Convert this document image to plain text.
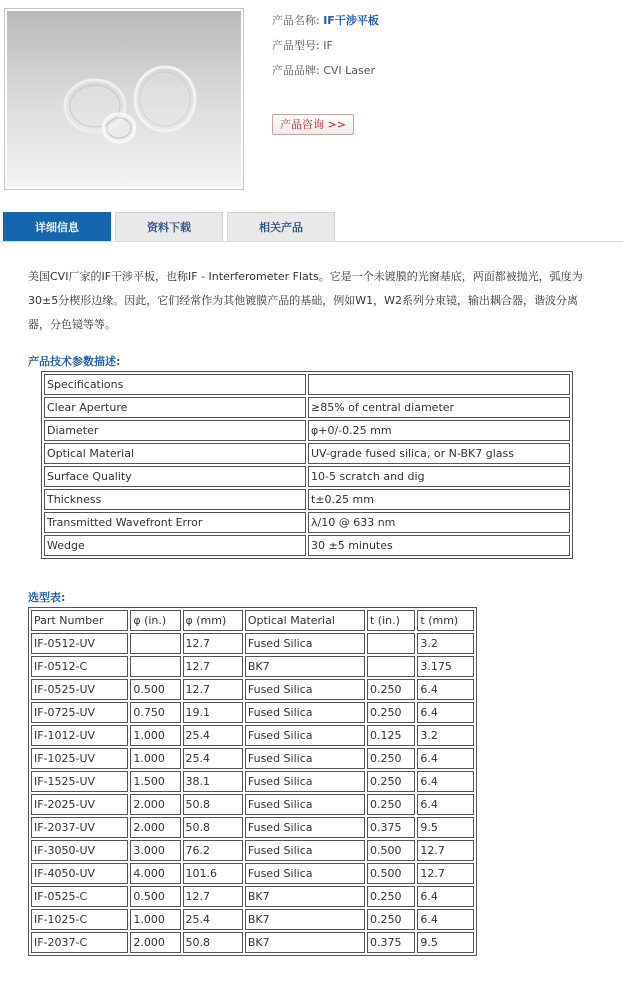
产品名称: IF干涉平板
产品型号: IF
产品品牌: CVI Laser
产品咨询 >>
详细信息	资料下载	相关产品
美国CVI厂家的IF干涉平板，也称IF - Interferometer Flats。它是一个未镀膜的光窗基底，两面都被抛光，弧度为30±5分楔形边缘。因此，它们经常作为其他镀膜产品的基础，例如W1，W2系列分束镜，输出耦合器，谐波分离器，分色镜等等。
产品技术参数描述:
Specifications	
Clear Aperture	≥85% of central diameter
Diameter	φ+0/-0.25 mm
Optical Material	UV-grade fused silica, or N-BK7 glass
Surface Quality	10-5 scratch and dig
Thickness	t±0.25 mm
Transmitted Wavefront Error	λ/10 @ 633 nm
Wedge	30 ±5 minutes
选型表:
Part Number	φ (in.)	φ (mm)	Optical Material	t (in.)	t (mm)
IF-0512-UV		12.7	Fused Silica		3.2
IF-0512-C		12.7	BK7		3.175
IF-0525-UV	0.500	12.7	Fused Silica	0.250	6.4
IF-0725-UV	0.750	19.1	Fused Silica	0.250	6.4
IF-1012-UV	1.000	25.4	Fused Silica	0.125	3.2
IF-1025-UV	1.000	25.4	Fused Silica	0.250	6.4
IF-1525-UV	1.500	38.1	Fused Silica	0.250	6.4
IF-2025-UV	2.000	50.8	Fused Silica	0.250	6.4
IF-2037-UV	2.000	50.8	Fused Silica	0.375	9.5
IF-3050-UV	3.000	76.2	Fused Silica	0.500	12.7
IF-4050-UV	4.000	101.6	Fused Silica	0.500	12.7
IF-0525-C	0.500	12.7	BK7	0.250	6.4
IF-1025-C	1.000	25.4	BK7	0.250	6.4
IF-2037-C	2.000	50.8	BK7	0.375	9.5
